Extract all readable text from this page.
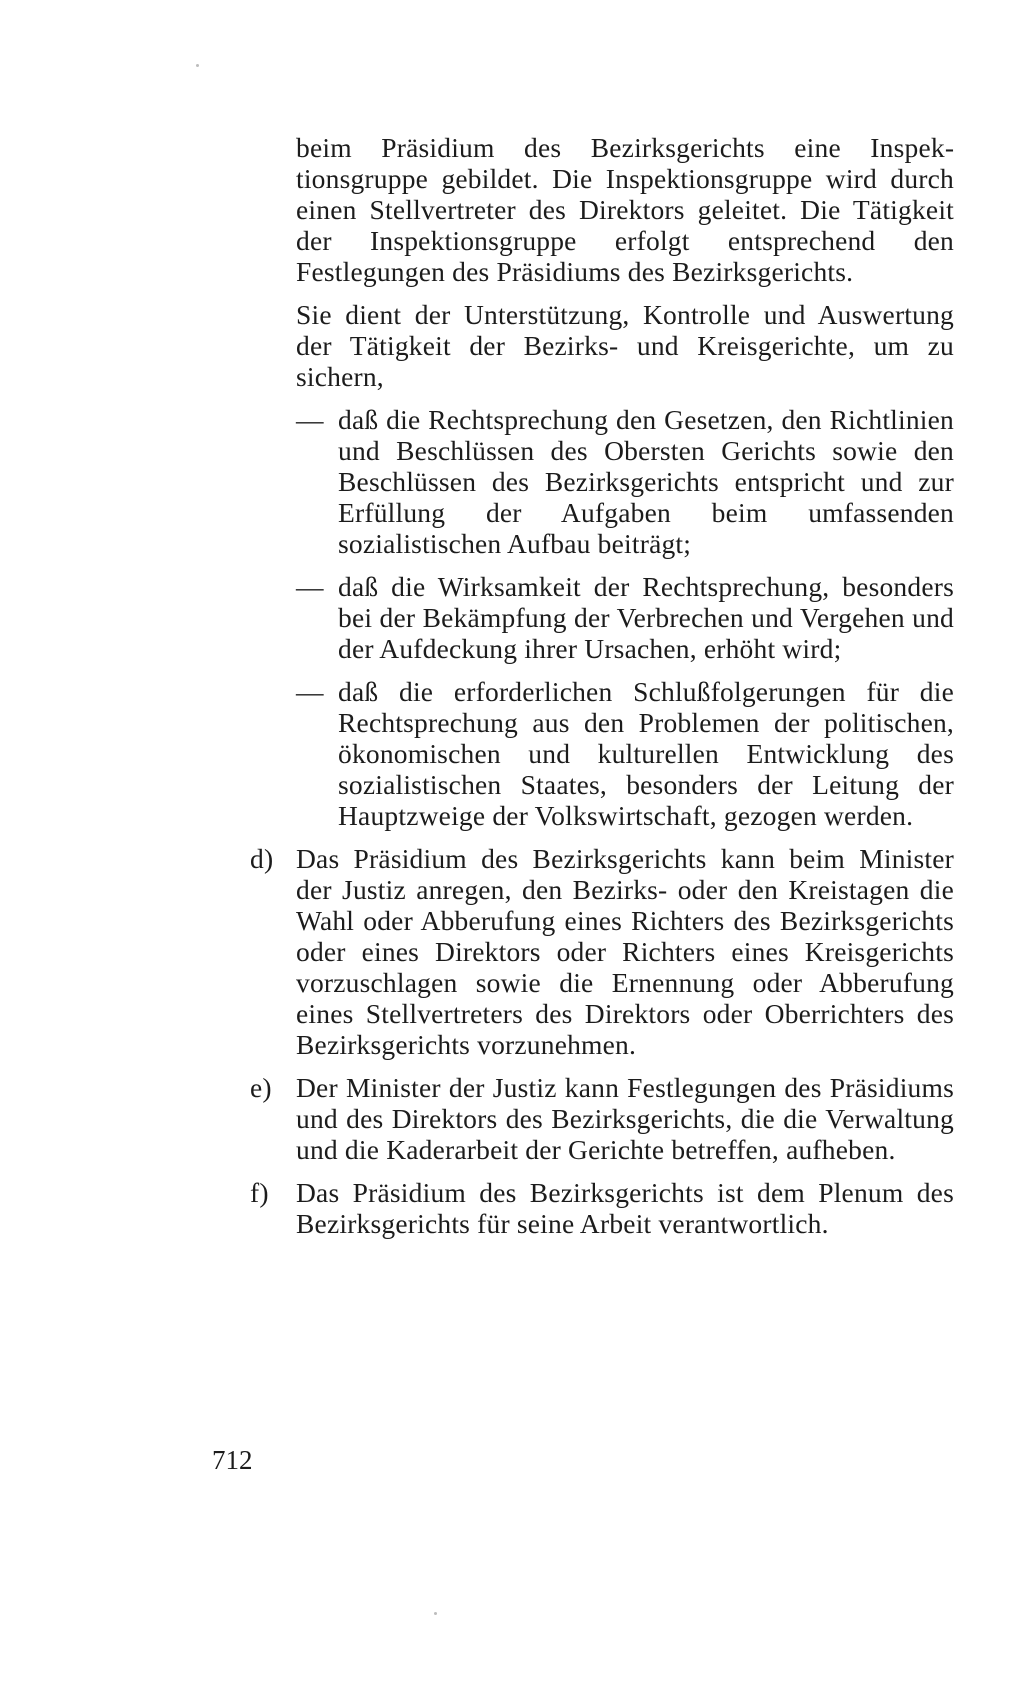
beim Präsidium des Bezirksgerichts eine Inspektionsgruppe gebildet. Die Inspektionsgruppe wird durch einen Stellvertreter des Direktors geleitet. Die Tätigkeit der Inspektionsgruppe erfolgt entsprechend den Festlegungen des Präsidiums des Bezirksgerichts.

Sie dient der Unterstützung, Kontrolle und Auswertung der Tätigkeit der Bezirks- und Kreisgerichte, um zu sichern,

— daß die Rechtsprechung den Gesetzen, den Richtlinien und Beschlüssen des Obersten Gerichts sowie den Beschlüssen des Bezirksgerichts entspricht und zur Erfüllung der Aufgaben beim umfassenden sozialistischen Aufbau beiträgt;
— daß die Wirksamkeit der Rechtsprechung, besonders bei der Bekämpfung der Verbrechen und Vergehen und der Aufdeckung ihrer Ursachen, erhöht wird;
— daß die erforderlichen Schlußfolgerungen für die Rechtsprechung aus den Problemen der politischen, ökonomischen und kulturellen Entwicklung des sozialistischen Staates, besonders der Leitung der Hauptzweige der Volkswirtschaft, gezogen werden.
d) Das Präsidium des Bezirksgerichts kann beim Minister der Justiz anregen, den Bezirks- oder den Kreistagen die Wahl oder Abberufung eines Richters des Bezirksgerichts oder eines Direktors oder Richters eines Kreisgerichts vorzuschlagen sowie die Ernennung oder Abberufung eines Stellvertreters des Direktors oder Oberrichters des Bezirksgerichts vorzunehmen.
e) Der Minister der Justiz kann Festlegungen des Präsidiums und des Direktors des Bezirksgerichts, die die Verwaltung und die Kaderarbeit der Gerichte betreffen, aufheben.
f) Das Präsidium des Bezirksgerichts ist dem Plenum des Bezirksgerichts für seine Arbeit verantwortlich.
712
